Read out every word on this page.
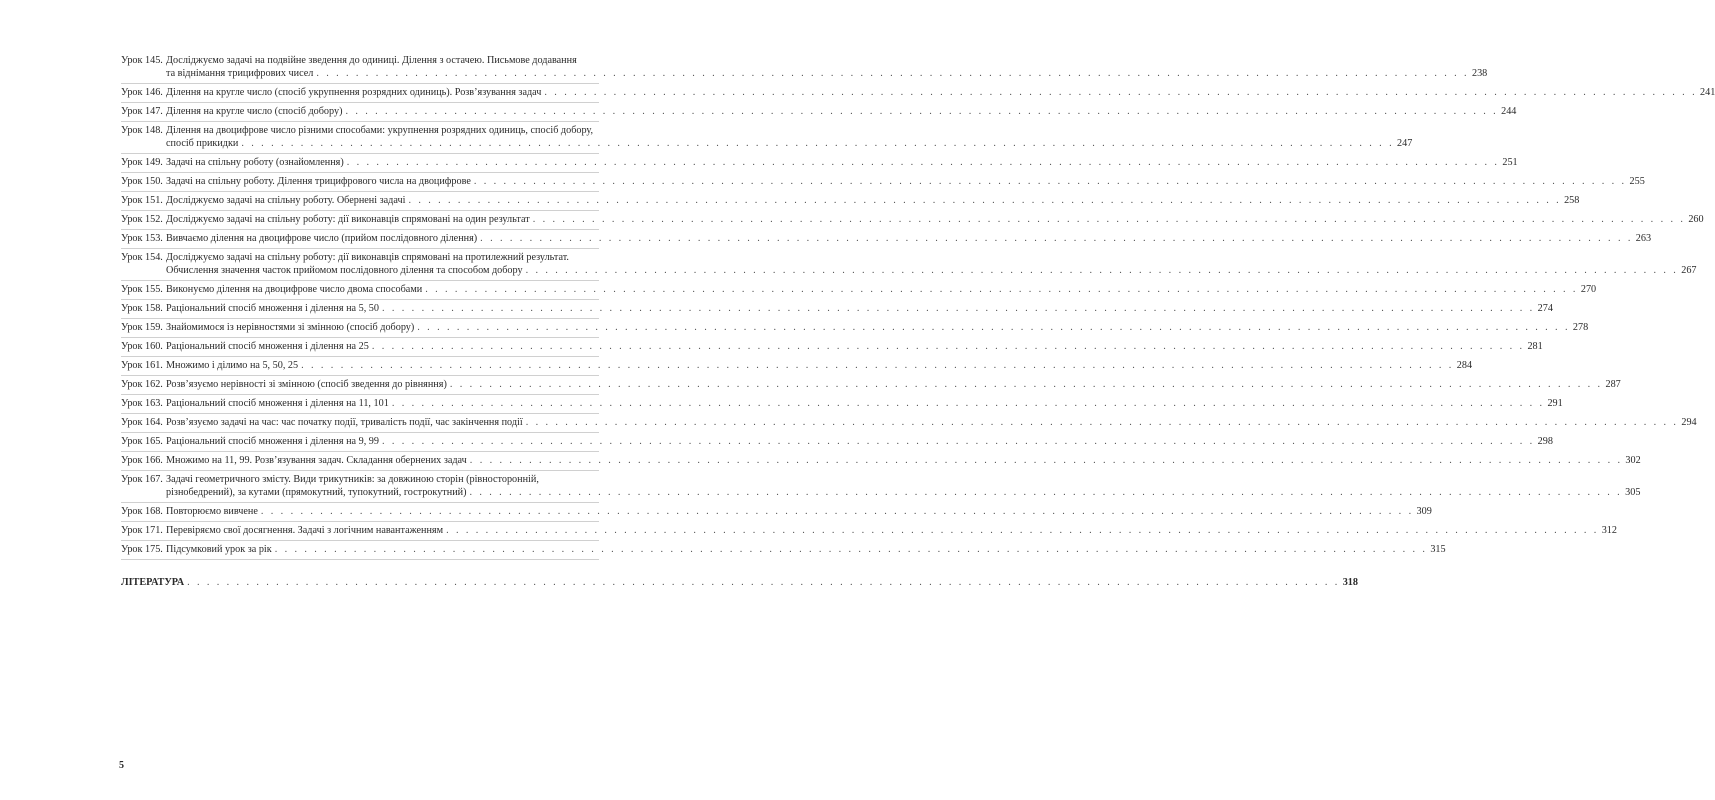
Урок 145. Досліджуємо задачі на подвійне зведення до одиниці. Ділення з остачею. Письмове додавання
та віднімання трицифрових чисел . . .	238
Урок 146. Ділення на кругле число (спосіб укрупнення розрядних одиниць). Розв’язування задач . . .	241
Урок 147. Ділення на кругле число (спосіб добору) . . .	244
Урок 148. Ділення на двоцифрове число різними способами: укрупнення розрядних одиниць, спосіб добору,
спосіб прикидки . . .	247
Урок 149. Задачі на спільну роботу (ознайомлення) . . .	251
Урок 150. Задачі на спільну роботу. Ділення трицифрового числа на двоцифрове . . .	255
Урок 151. Досліджуємо задачі на спільну роботу. Обернені задачі . . .	258
Урок 152. Досліджуємо задачі на спільну роботу: дії виконавців спрямовані на один результат . . .	260
Урок 153. Вивчаємо ділення на двоцифрове число (прийом послідовного ділення) . . .	263
Урок 154. Досліджуємо задачі на спільну роботу: дії виконавців спрямовані на протилежний результат.
Обчислення значення часток прийомом послідовного ділення та способом добору . . .	267
Урок 155. Виконуємо ділення на двоцифрове число двома способами . . .	270
Урок 158. Раціональний спосіб множення і ділення на 5, 50 . . .	274
Урок 159. Знайомимося із нерівностями зі змінною (спосіб добору) . . .	278
Урок 160. Раціональний спосіб множення і ділення на 25 . . .	281
Урок 161. Множимо і ділимо на 5, 50, 25 . . .	284
Урок 162. Розв’язуємо нерівності зі змінною (спосіб зведення до рівняння) . . .	287
Урок 163. Раціональний спосіб множення і ділення на 11, 101 . . .	291
Урок 164. Розв’язуємо задачі на час: час початку події, тривалість події, час закінчення події . . .	294
Урок 165. Раціональний спосіб множення і ділення на 9, 99 . . .	298
Урок 166. Множимо на 11, 99. Розв’язування задач. Складання обернених задач . . .	302
Урок 167. Задачі геометричного змісту. Види трикутників: за довжиною сторін (рівносторонній,
різнобедрений), за кутами (прямокутний, тупокутний, гострокутний) . . .	305
Урок 168. Повторюємо вивчене . . .	309
Урок 171. Перевіряємо свої досягнення. Задачі з логічним навантаженням . . .	312
Урок 175. Підсумковий урок за рік . . .	315
ЛІТЕРАТУРА . . .	318
5
